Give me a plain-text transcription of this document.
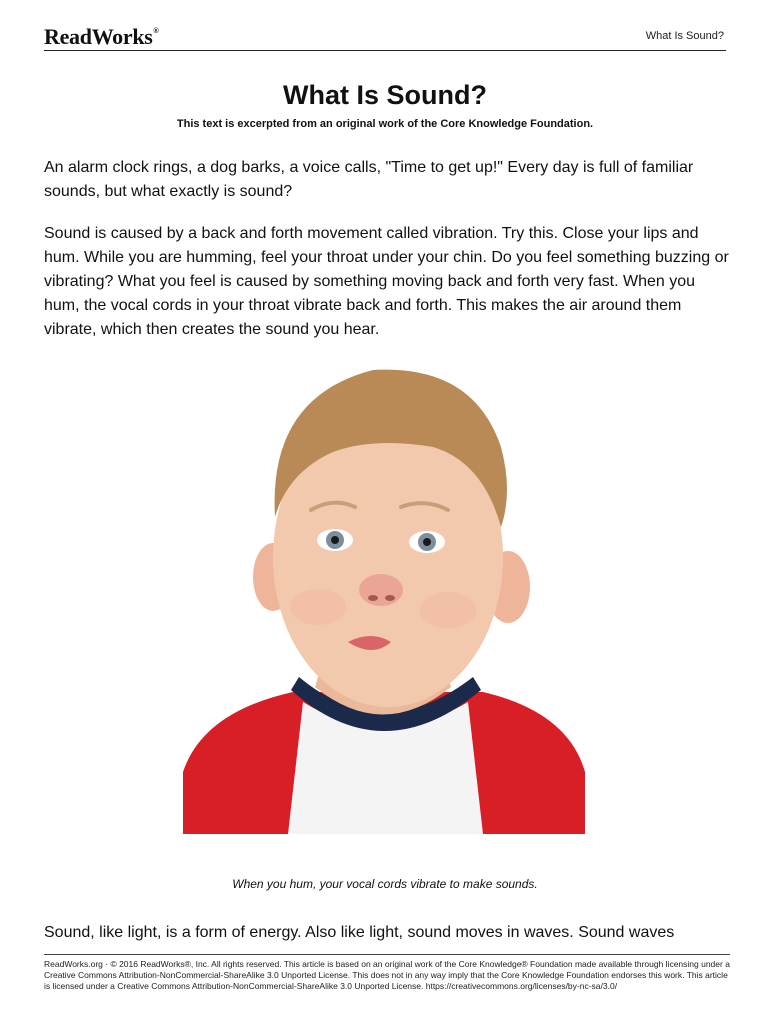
ReadWorks®	What Is Sound?
What Is Sound?
This text is excerpted from an original work of the Core Knowledge Foundation.

An alarm clock rings, a dog barks, a voice calls, "Time to get up!" Every day is full of familiar sounds, but what exactly is sound?

Sound is caused by a back and forth movement called vibration. Try this. Close your lips and hum. While you are humming, feel your throat under your chin. Do you feel something buzzing or vibrating? What you feel is caused by something moving back and forth very fast. When you hum, the vocal cords in your throat vibrate back and forth. This makes the air around them vibrate, which then creates the sound you hear.

When you hum, your vocal cords vibrate to make sounds.

Sound, like light, is a form of energy. Also like light, sound moves in waves. Sound waves

ReadWorks.org · © 2016 ReadWorks®, Inc. All rights reserved. This article is based on an original work of the Core Knowledge® Foundation made available through licensing under a Creative Commons Attribution-NonCommercial-ShareAlike 3.0 Unported License. This does not in any way imply that the Core Knowledge Foundation endorses this work. This article is licensed under a Creative Commons Attribution-NonCommercial-ShareAlike 3.0 Unported License. https://creativecommons.org/licenses/by-nc-sa/3.0/
